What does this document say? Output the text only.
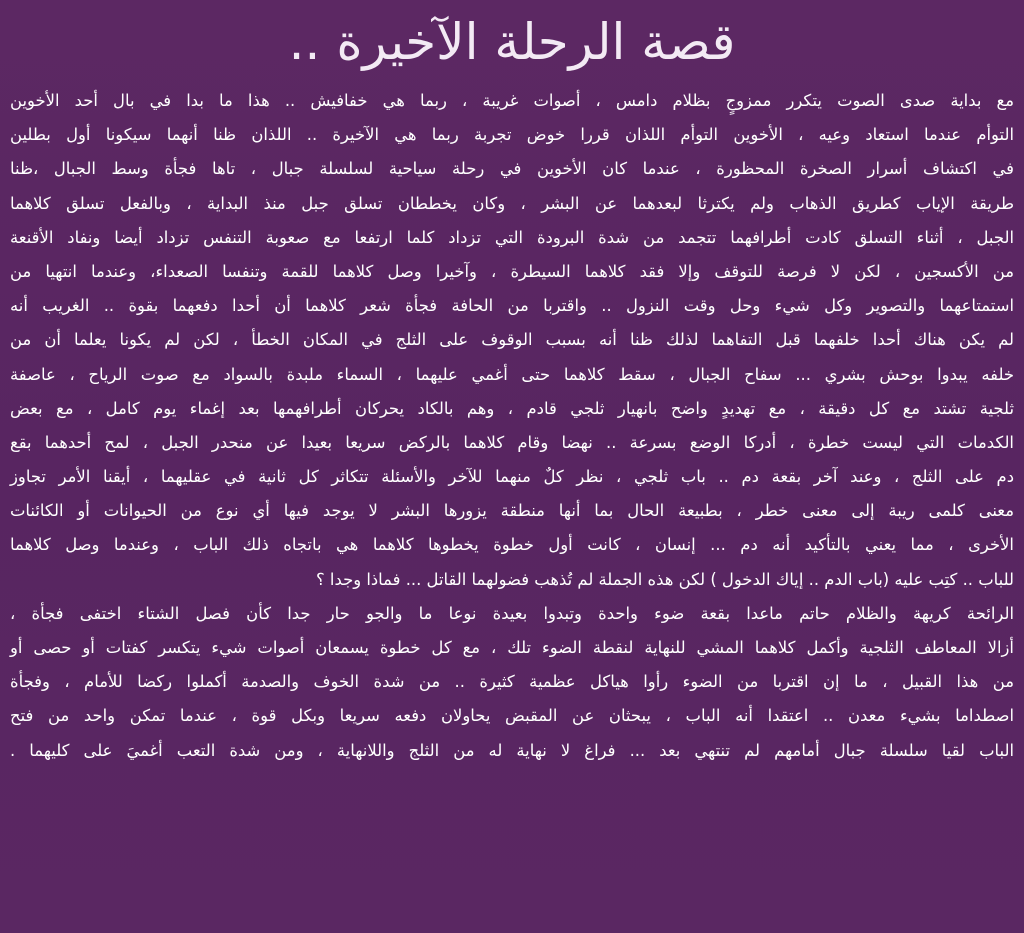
قصة الرحلة الآخيرة ..
مع بداية صدى الصوت يتكرر ممزوجٍ بظلام دامس ، أصوات غريبة ، ربما هي خفافيش .. هذا ما بدا في بال أحد الأخوين
التوأم عندما استعاد وعيه ، الأخوين التوأم اللذان قررا خوض تجربة ربما هي الآخيرة .. اللذان ظنا أنهما سيكونا أول بطلين
في اكتشاف أسرار الصخرة المحظورة ، عندما كان الأخوين في رحلة سياحية لسلسلة جبال ، تاها فجأة وسط الجبال ،ظنا
طريقة الإياب كطريق الذهاب ولم يكترثا لبعدهما عن البشر ، وكان يخططان تسلق جبل منذ البداية ، وبالفعل تسلق كلاهما
الجبل ، أثناء التسلق كادت أطرافهما تتجمد من شدة البرودة التي تزداد كلما ارتفعا مع صعوبة التنفس تزداد أيضا ونفاد الأقنعة
من الأكسجين ، لكن لا فرصة للتوقف وإلا فقد كلاهما السيطرة ، وآخيرا وصل كلاهما للقمة وتنفسا الصعداء، وعندما انتهيا من
استمتاعهما والتصوير وكل شيء وحل وقت النزول .. واقتربا من الحافة فجأة شعر كلاهما أن أحدا دفعهما بقوة .. الغريب أنه
لم يكن هناك أحدا خلفهما قبل التفاهما لذلك ظنا أنه بسبب الوقوف على الثلج في المكان الخطأ ، لكن لم يكونا يعلما أن من
خلفه يبدوا بوحش بشري ... سفاح الجبال ، سقط كلاهما حتى أغمي عليهما ، السماء ملبدة بالسواد مع صوت الرياح ، عاصفة
ثلجية تشتد مع كل دقيقة ، مع تهديدٍ واضح بانهيار ثلجي قادم ، وهم بالكاد يحركان أطرافهمها بعد إغماء يوم كامل ، مع بعض
الكدمات التي ليست خطرة ، أدركا الوضع بسرعة .. نهضا وقام كلاهما بالركض سريعا بعيدا عن منحدر الجبل ، لمح أحدهما بقع
دم على الثلج ، وعند آخر بقعة دم .. باب ثلجي ، نظر كلٌ منهما للآخر والأسئلة تتكاثر كل ثانية في عقليهما ، أيقنا الأمر تجاوز
معنى كلمى ريبة إلى معنى خطر ، بطبيعة الحال بما أنها منطقة يزورها البشر لا يوجد فيها أي نوع من الحيوانات أو الكائنات
الأخرى ، مما يعني بالتأكيد أنه دم ... إنسان ، كانت أول خطوة يخطوها كلاهما هي باتجاه ذلك الباب ، وعندما وصل كلاهما
للباب .. كتِب عليه (باب الدم .. إياك الدخول ) لكن هذه الجملة لم تُذهب فضولهما القاتل ... فماذا وجدا ؟
الرائحة كريهة والظلام حاتم ماعدا بقعة ضوء واحدة وتبدوا بعيدة نوعا ما والجو حار جدا كأن فصل الشتاء اختفى فجأة ،
أزالا المعاطف الثلجية وأكمل كلاهما المشي للنهاية لنقطة الضوء تلك ، مع كل خطوة يسمعان أصوات شيء يتكسر كفتات أو حصى أو
من هذا القبيل ، ما إن اقتربا من الضوء رأوا هياكل عظمية كثيرة .. من شدة الخوف والصدمة أكملوا ركضا للأمام ، وفجأة
اصطداما بشيء معدن .. اعتقدا أنه الباب ، يبحثان عن المقبض يحاولان دفعه سريعا وبكل قوة ، عندما تمكن واحد من فتح
الباب لقيا سلسلة جبال أمامهم لم تنتهي بعد ... فراغ لا نهاية له من الثلج واللانهاية ، ومن شدة التعب أغميَ على كليهما .
